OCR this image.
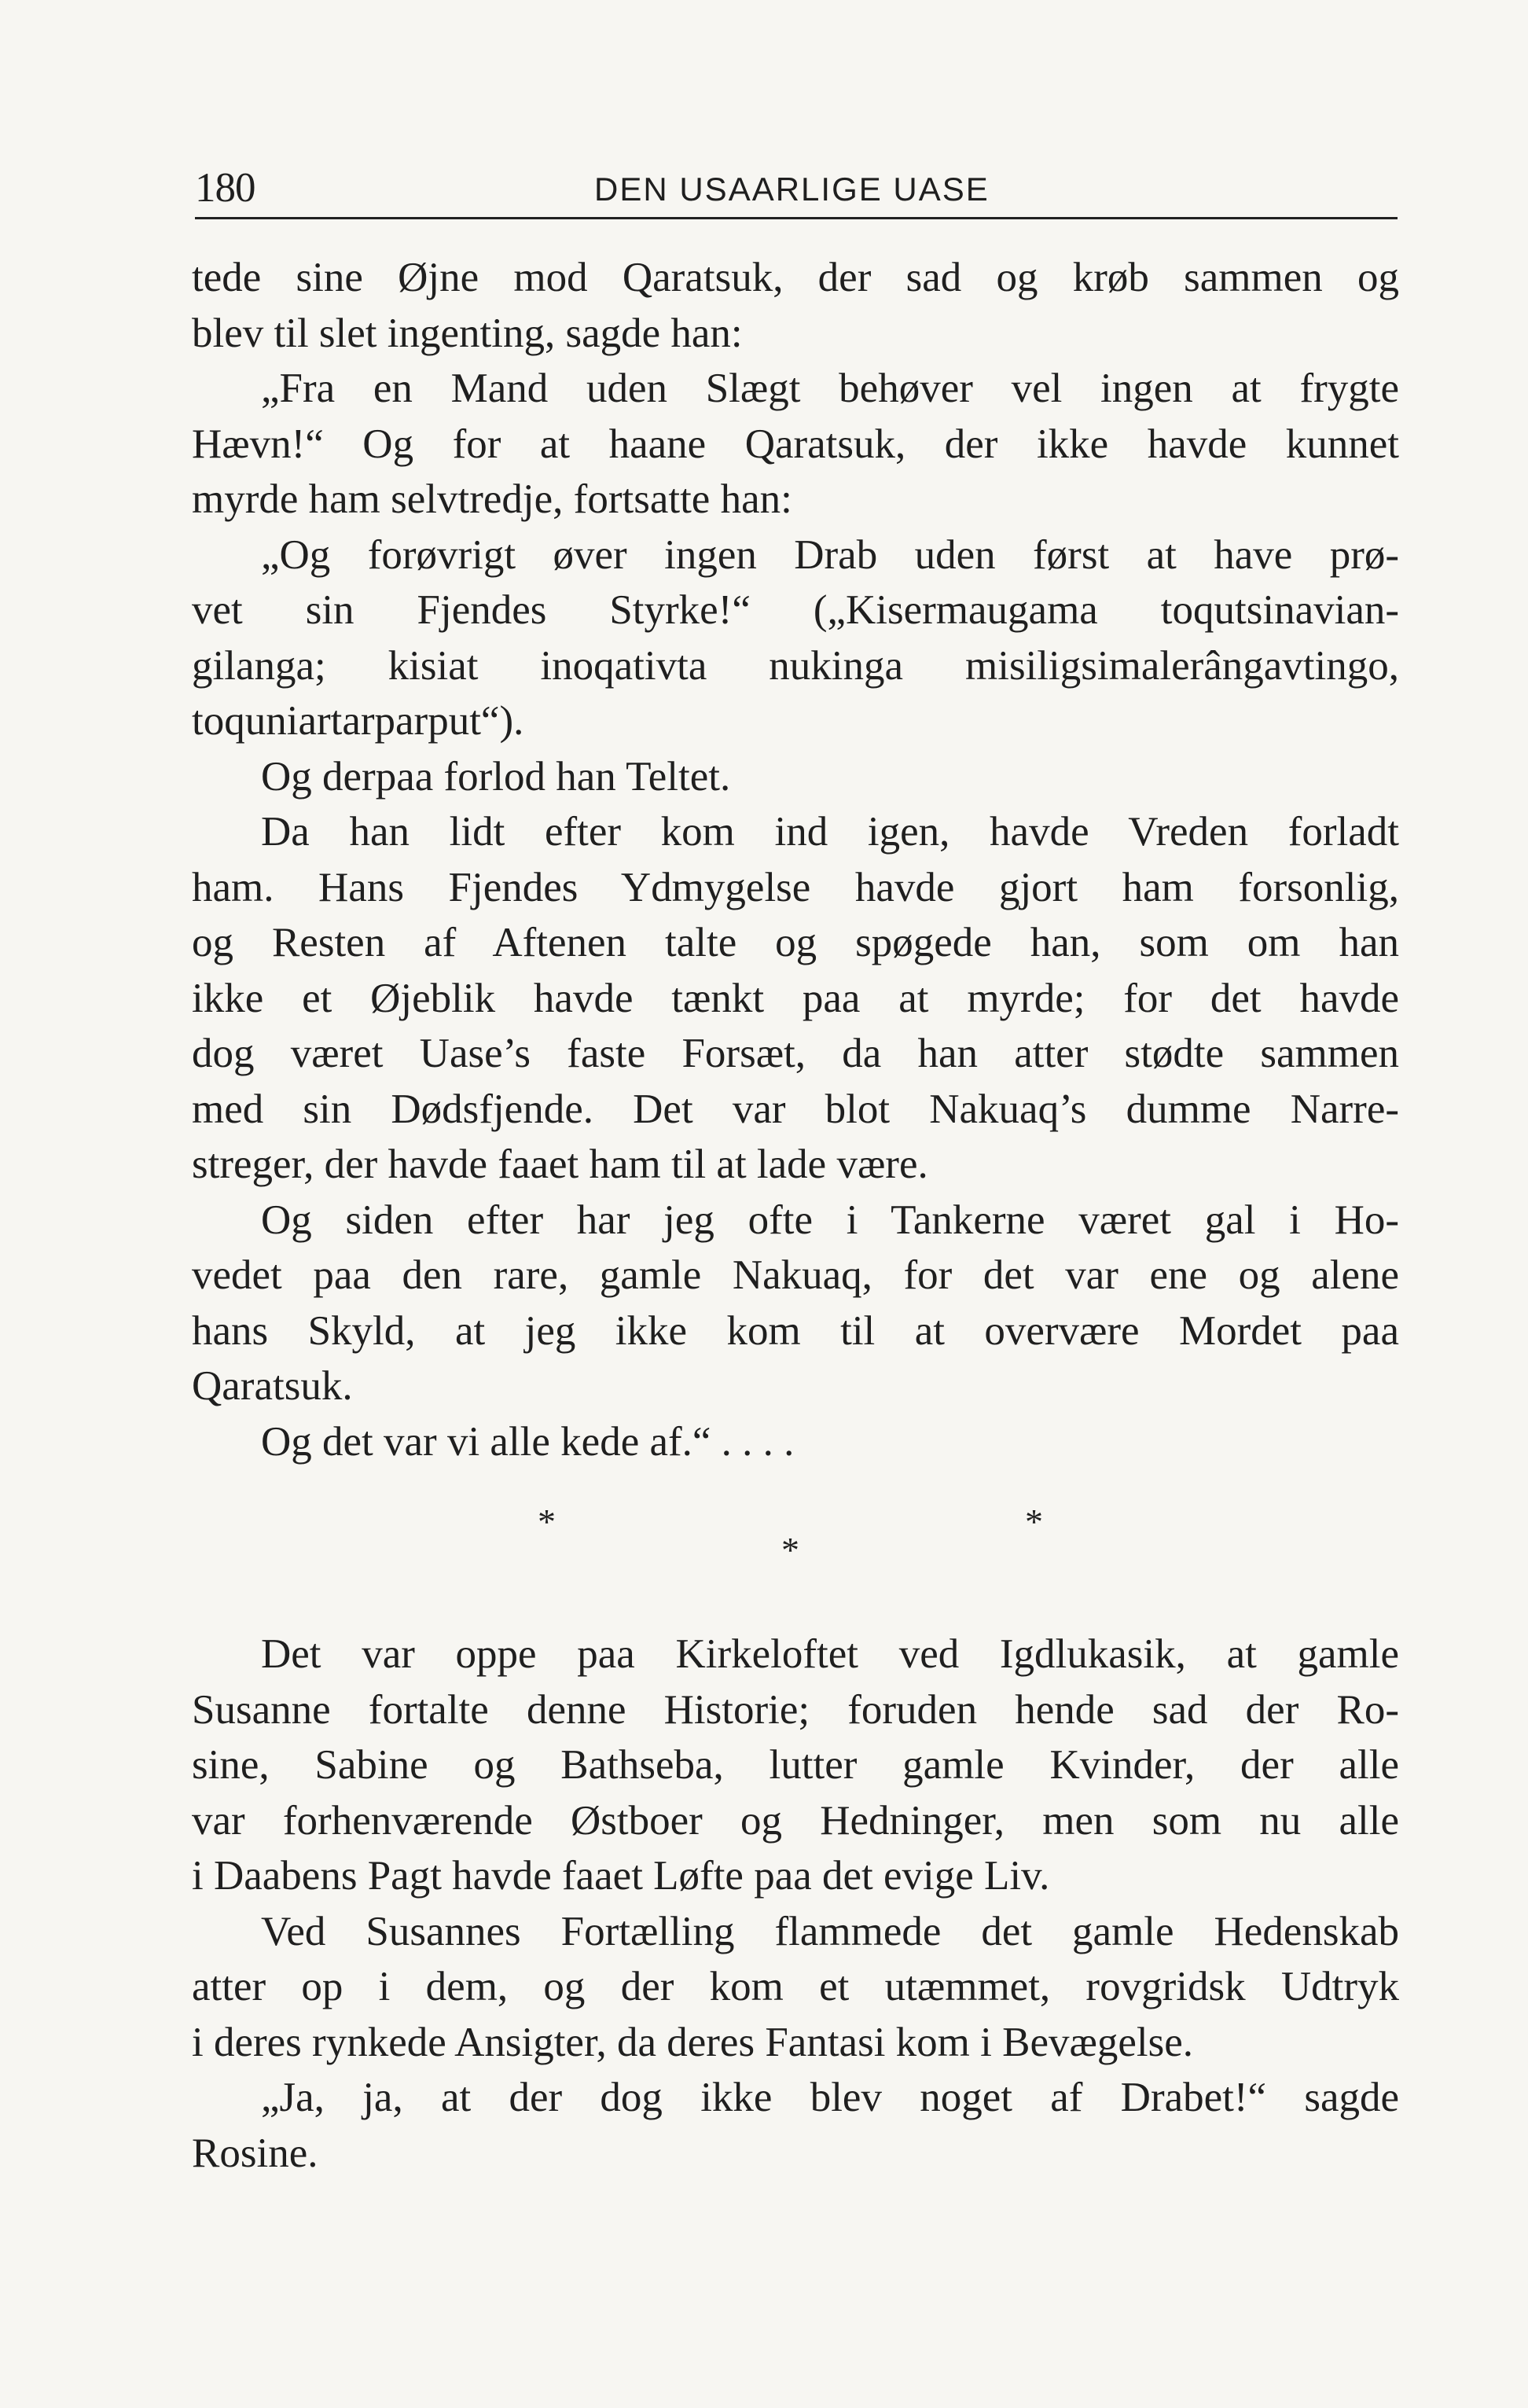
180	DEN USAARLIGE UASE
tede sine Øjne mod Qaratsuk, der sad og krøb sammen og
blev til slet ingenting, sagde han:
„Fra en Mand uden Slægt behøver vel ingen at frygte
Hævn!“ Og for at haane Qaratsuk, der ikke havde kunnet
myrde ham selvtredje, fortsatte han:
„Og forøvrigt øver ingen Drab uden først at have prø-
vet sin Fjendes Styrke!“ („Kisermaugama toqutsinavian-
gilanga; kisiat inoqativta nukinga misiligsimalerângavtingo,
toquniartarparput“).
Og derpaa forlod han Teltet.
Da han lidt efter kom ind igen, havde Vreden forladt
ham. Hans Fjendes Ydmygelse havde gjort ham forsonlig,
og Resten af Aftenen talte og spøgede han, som om han
ikke et Øjeblik havde tænkt paa at myrde; for det havde
dog været Uase’s faste Forsæt, da han atter stødte sammen
med sin Dødsfjende. Det var blot Nakuaq’s dumme Narre-
streger, der havde faaet ham til at lade være.
Og siden efter har jeg ofte i Tankerne været gal i Ho-
vedet paa den rare, gamle Nakuaq, for det var ene og alene
hans Skyld, at jeg ikke kom til at overvære Mordet paa
Qaratsuk.
Og det var vi alle kede af.“ . . . .
*	*
*
Det var oppe paa Kirkeloftet ved Igdlukasik, at gamle
Susanne fortalte denne Historie; foruden hende sad der Ro-
sine, Sabine og Bathseba, lutter gamle Kvinder, der alle
var forhenværende Østboer og Hedninger, men som nu alle
i Daabens Pagt havde faaet Løfte paa det evige Liv.
Ved Susannes Fortælling flammede det gamle Hedenskab
atter op i dem, og der kom et utæmmet, rovgridsk Udtryk
i deres rynkede Ansigter, da deres Fantasi kom i Bevægelse.
„Ja, ja, at der dog ikke blev noget af Drabet!“ sagde
Rosine.
